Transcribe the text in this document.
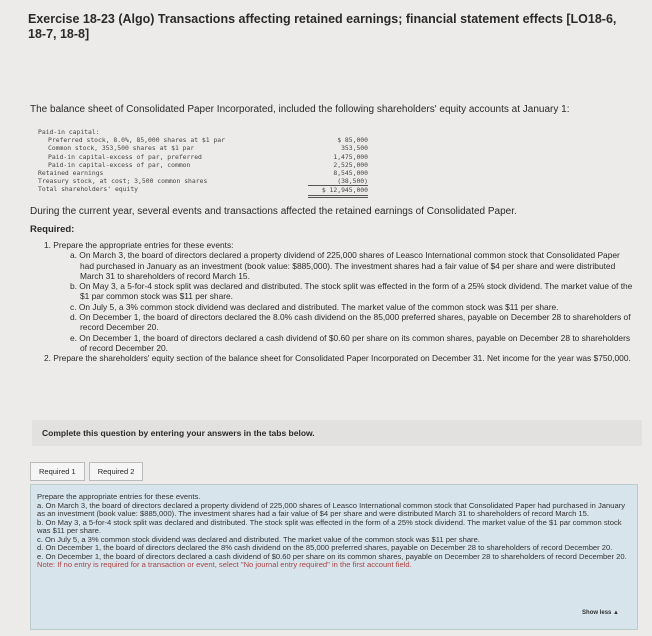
Exercise 18-23 (Algo) Transactions affecting retained earnings; financial statement effects [LO18-6, 18-7, 18-8]
The balance sheet of Consolidated Paper Incorporated, included the following shareholders' equity accounts at January 1:
Paid-in capital:
Preferred stock, 8.0%, 85,000 shares at $1 par	$ 85,000
Common stock, 353,500 shares at $1 par	353,500
Paid-in capital-excess of par, preferred	1,475,000
Paid-in capital-excess of par, common	2,525,000
Retained earnings	8,545,000
Treasury stock, at cost; 3,500 common shares	(38,500)
Total shareholders' equity	$ 12,945,000
During the current year, several events and transactions affected the retained earnings of Consolidated Paper.
Required:
1. Prepare the appropriate entries for these events:
a. On March 3, the board of directors declared a property dividend of 225,000 shares of Leasco International common stock that Consolidated Paper had purchased in January as an investment (book value: $885,000). The investment shares had a fair value of $4 per share and were distributed March 31 to shareholders of record March 15.
b. On May 3, a 5-for-4 stock split was declared and distributed. The stock split was effected in the form of a 25% stock dividend. The market value of the $1 par common stock was $11 per share.
c. On July 5, a 3% common stock dividend was declared and distributed. The market value of the common stock was $11 per share.
d. On December 1, the board of directors declared the 8.0% cash dividend on the 85,000 preferred shares, payable on December 28 to shareholders of record December 20.
e. On December 1, the board of directors declared a cash dividend of $0.60 per share on its common shares, payable on December 28 to shareholders of record December 20.
2. Prepare the shareholders' equity section of the balance sheet for Consolidated Paper Incorporated on December 31. Net income for the year was $750,000.
Complete this question by entering your answers in the tabs below.
Required 1	Required 2
Prepare the appropriate entries for these events.
a. On March 3, the board of directors declared a property dividend of 225,000 shares of Leasco International common stock that Consolidated Paper had purchased in January as an investment (book value: $885,000). The investment shares had a fair value of $4 per share and were distributed March 31 to shareholders of record March 15.
b. On May 3, a 5-for-4 stock split was declared and distributed. The stock split was effected in the form of a 25% stock dividend. The market value of the $1 par common stock was $11 per share.
c. On July 5, a 3% common stock dividend was declared and distributed. The market value of the common stock was $11 per share.
d. On December 1, the board of directors declared the 8% cash dividend on the 85,000 preferred shares, payable on December 28 to shareholders of record December 20.
e. On December 1, the board of directors declared a cash dividend of $0.60 per share on its common shares, payable on December 28 to shareholders of record December 20.
Note: If no entry is required for a transaction or event, select "No journal entry required" in the first account field.
Show less ▲
